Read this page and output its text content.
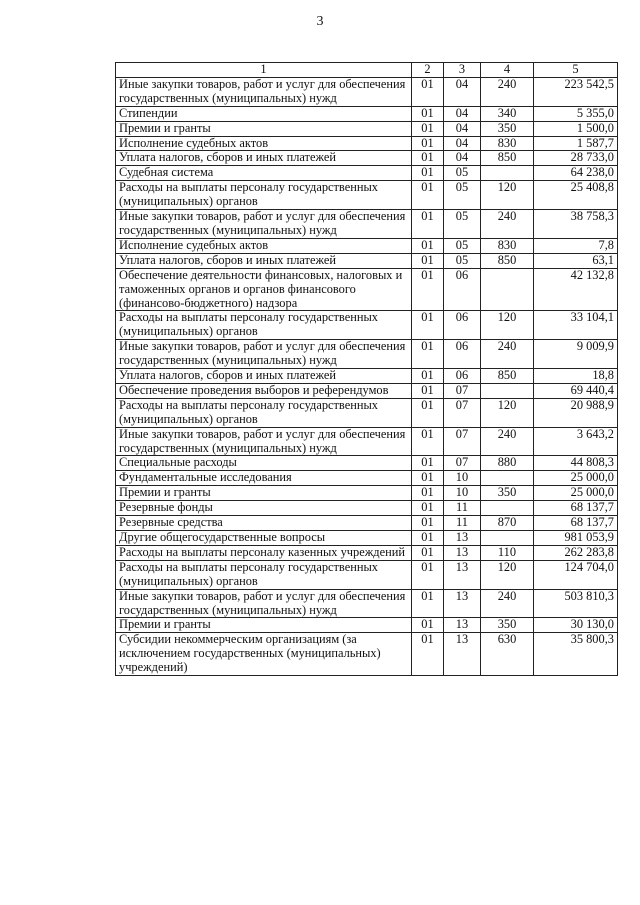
3
1	2	3	4	5
Иные закупки товаров, работ и услуг для обеспечения государственных (муниципальных) нужд	01	04	240	223 542,5
Стипендии	01	04	340	5 355,0
Премии и гранты	01	04	350	1 500,0
Исполнение судебных актов	01	04	830	1 587,7
Уплата налогов, сборов и иных платежей	01	04	850	28 733,0
Судебная система	01	05		64 238,0
Расходы на выплаты персоналу государственных (муниципальных) органов	01	05	120	25 408,8
Иные закупки товаров, работ и услуг для обеспечения государственных (муниципальных) нужд	01	05	240	38 758,3
Исполнение судебных актов	01	05	830	7,8
Уплата налогов, сборов и иных платежей	01	05	850	63,1
Обеспечение деятельности финансовых, налоговых и таможенных органов и органов финансового (финансово-бюджетного) надзора	01	06		42 132,8
Расходы на выплаты персоналу государственных (муниципальных) органов	01	06	120	33 104,1
Иные закупки товаров, работ и услуг для обеспечения государственных (муниципальных) нужд	01	06	240	9 009,9
Уплата налогов, сборов и иных платежей	01	06	850	18,8
Обеспечение проведения выборов и референдумов	01	07		69 440,4
Расходы на выплаты персоналу государственных (муниципальных) органов	01	07	120	20 988,9
Иные закупки товаров, работ и услуг для обеспечения государственных (муниципальных) нужд	01	07	240	3 643,2
Специальные расходы	01	07	880	44 808,3
Фундаментальные исследования	01	10		25 000,0
Премии и гранты	01	10	350	25 000,0
Резервные фонды	01	11		68 137,7
Резервные средства	01	11	870	68 137,7
Другие общегосударственные вопросы	01	13		981 053,9
Расходы на выплаты персоналу казенных учреждений	01	13	110	262 283,8
Расходы на выплаты персоналу государственных (муниципальных) органов	01	13	120	124 704,0
Иные закупки товаров, работ и услуг для обеспечения государственных (муниципальных) нужд	01	13	240	503 810,3
Премии и гранты	01	13	350	30 130,0
Субсидии некоммерческим организациям (за исключением государственных (муниципальных) учреждений)	01	13	630	35 800,3
